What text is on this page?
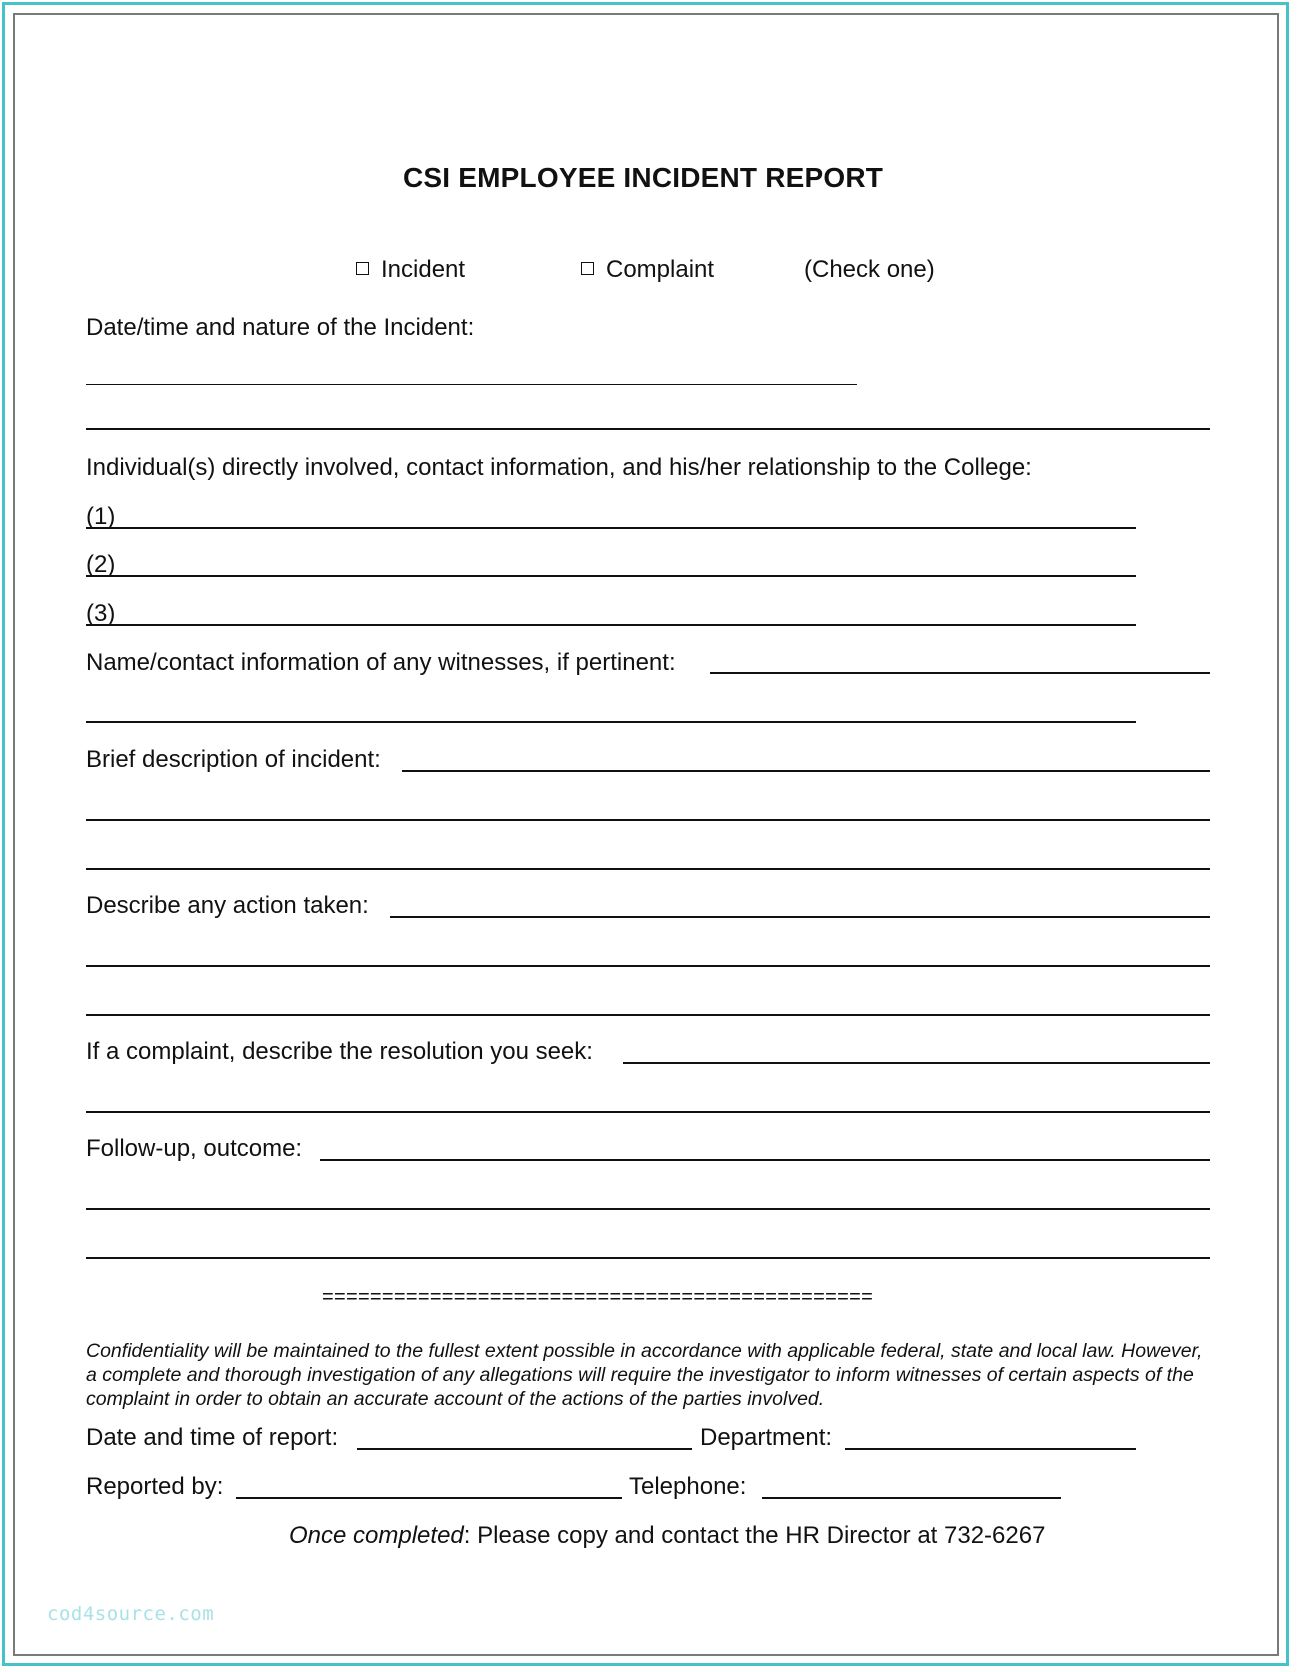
CSI EMPLOYEE INCIDENT REPORT
Incident	Complaint	(Check one)
Date/time and nature of the Incident:
Individual(s) directly involved, contact information, and his/her relationship to the College:
(1)
(2)
(3)
Name/contact information of any witnesses, if pertinent:
Brief description of incident:
Describe any action taken:
If a complaint, describe the resolution you seek:
Follow-up, outcome:
==============================================
Confidentiality will be maintained to the fullest extent possible in accordance with applicable federal, state and local law. However, a complete and thorough investigation of any allegations will require the investigator to inform witnesses of certain aspects of the complaint in order to obtain an accurate account of the actions of the parties involved.
Date and time of report:	Department:
Reported by:	Telephone:
Once completed: Please copy and contact the HR Director at 732-6267
cod4source.com
